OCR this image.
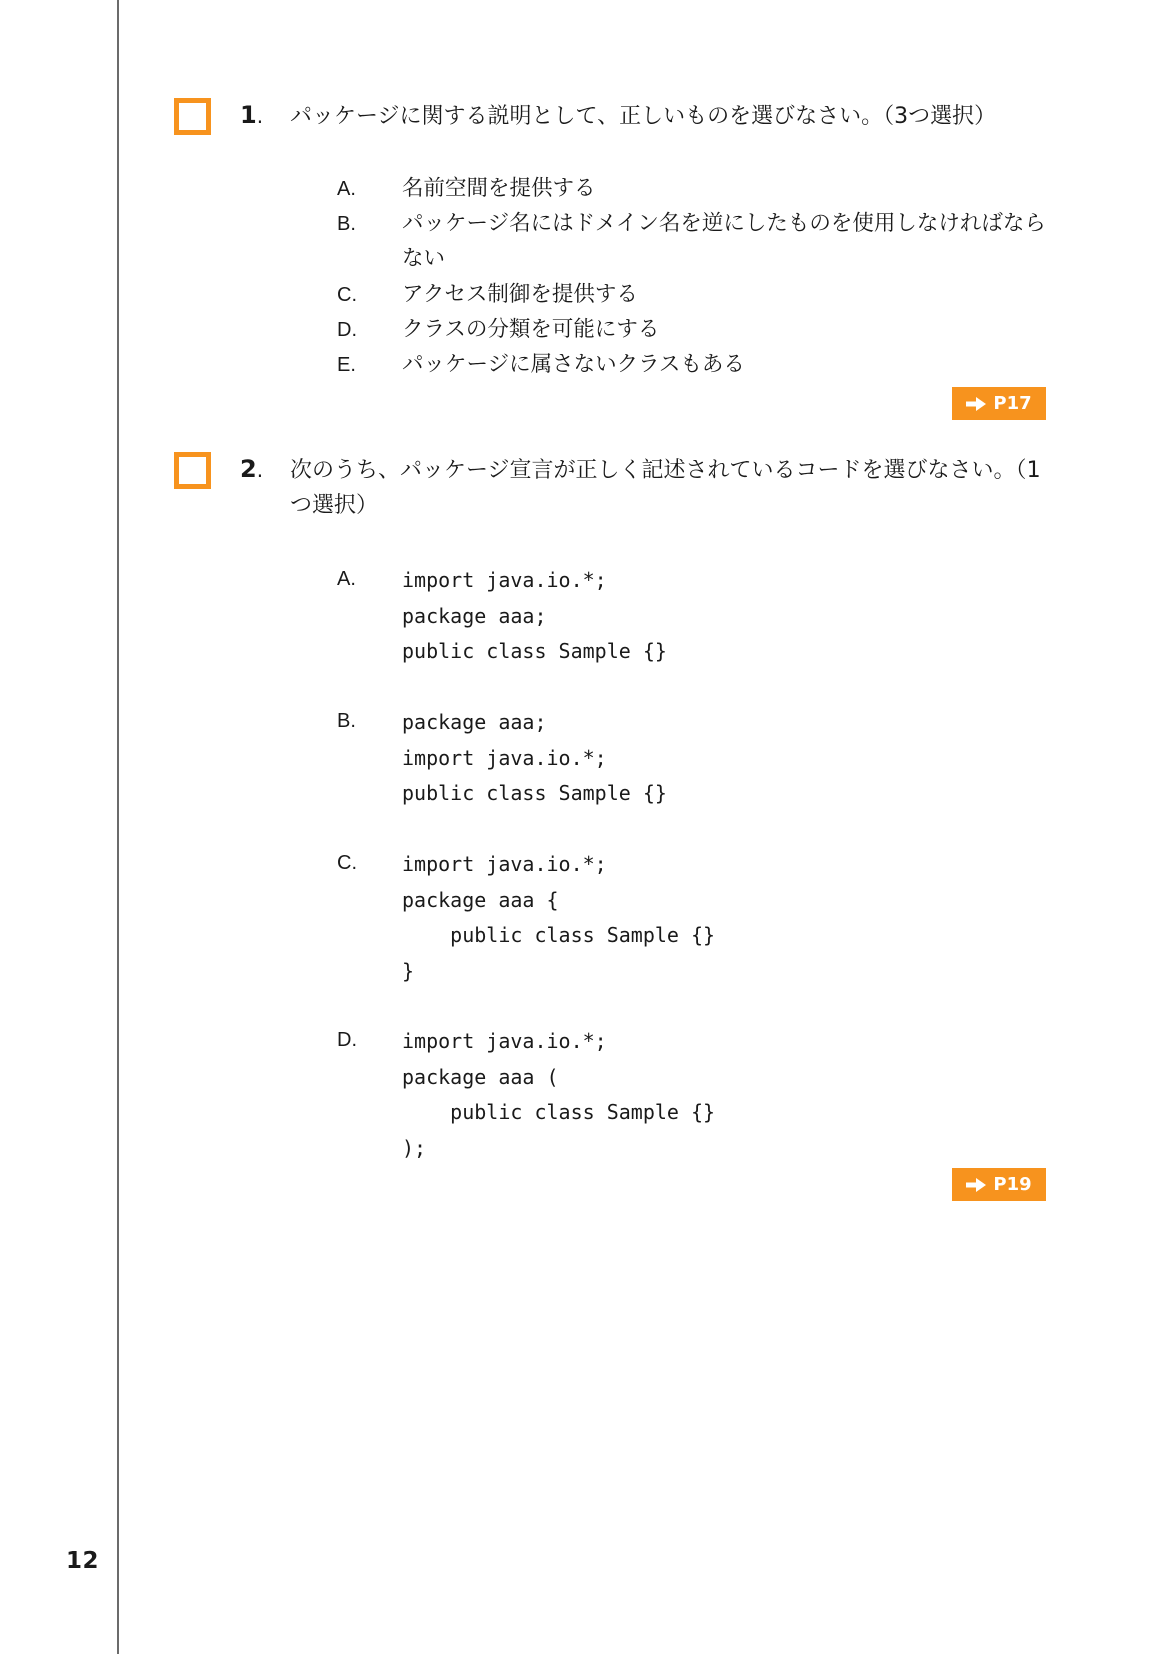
1. パッケージに関する説明として、正しいものを選びなさい。（3つ選択）
A. 名前空間を提供する
B. パッケージ名にはドメイン名を逆にしたものを使用しなければならない
C. アクセス制御を提供する
D. クラスの分類を可能にする
E. パッケージに属さないクラスもある
P17
2. 次のうち、パッケージ宣言が正しく記述されているコードを選びなさい。（1つ選択）
A. import java.io.*;
package aaa;
public class Sample {}
B. package aaa;
import java.io.*;
public class Sample {}
C. import java.io.*;
package aaa {
public class Sample {}
}
D. import java.io.*;
package aaa (
public class Sample {}
);
P19
12
